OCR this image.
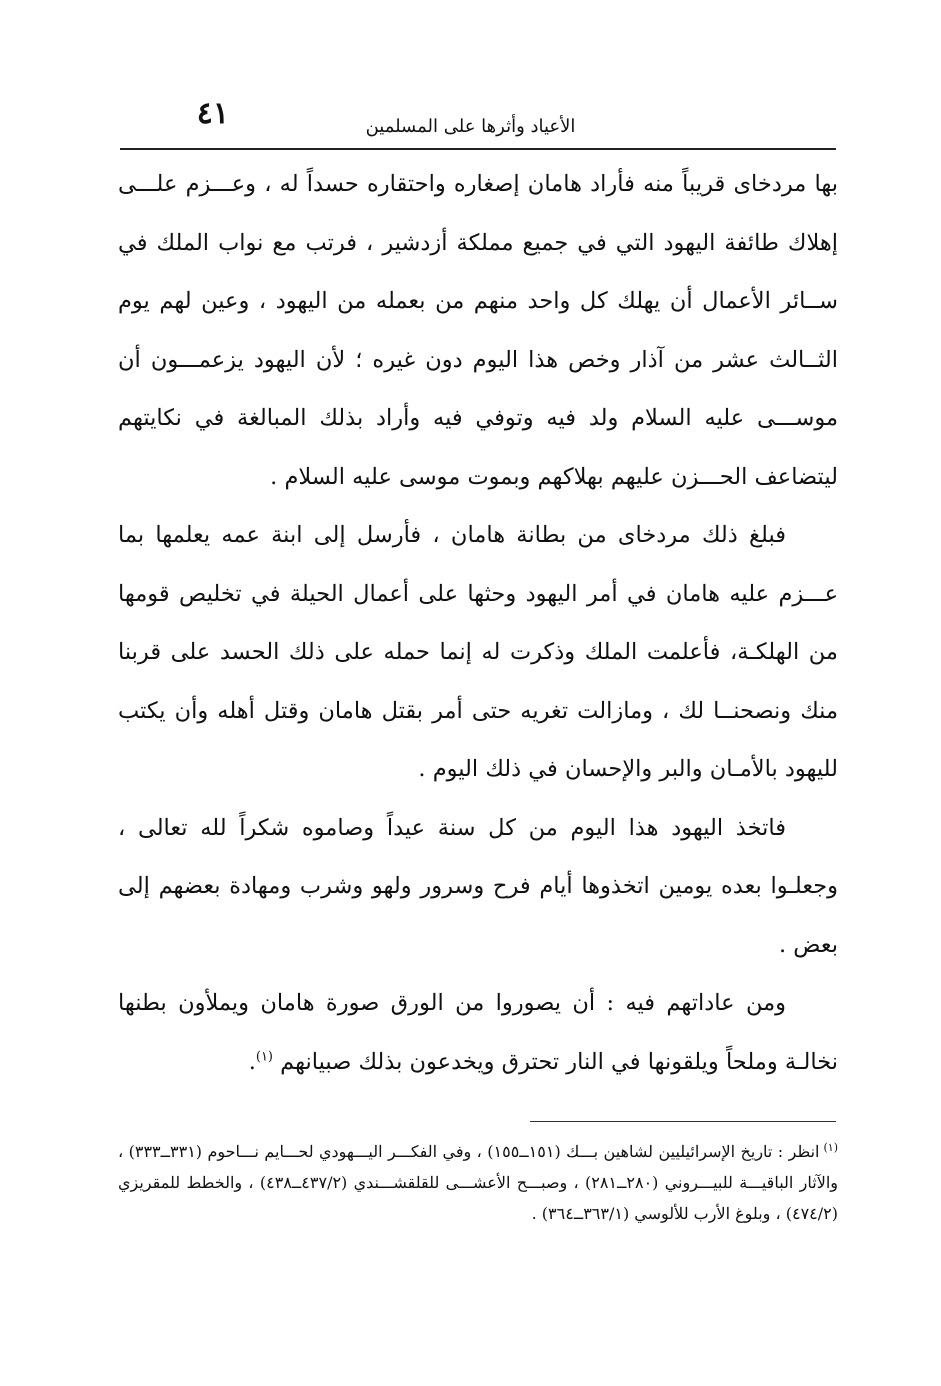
٤١	الأعياد وأثرها على المسلمين

بها مردخاى قريباً منه فأراد هامان إصغاره واحتقاره حسداً له ، وعـــزم علـــى إهلاك طائفة اليهود التي في جميع مملكة أزدشير ، فرتب مع نواب الملك في ســائر الأعمال أن يهلك كل واحد منهم من بعمله من اليهود ، وعين لهم يوم الثــالث عشر من آذار وخص هذا اليوم دون غيره ؛ لأن اليهود يزعمـــون أن موســـى عليه السلام ولد فيه وتوفي فيه وأراد بذلك المبالغة في نكايتهم ليتضاعف الحـــزن عليهم بهلاكهم وبموت موسى عليه السلام .

فبلغ ذلك مردخاى من بطانة هامان ، فأرسل إلى ابنة عمه يعلمها بما عـــزم عليه هامان في أمر اليهود وحثها على أعمال الحيلة في تخليص قومها من الهلكـة، فأعلمت الملك وذكرت له إنما حمله على ذلك الحسد على قربنا منك ونصحنــا لك ، ومازالت تغريه حتى أمر بقتل هامان وقتل أهله وأن يكتب لليهود بالأمـان والبر والإحسان في ذلك اليوم .

فاتخذ اليهود هذا اليوم من كل سنة عيداً وصاموه شكراً لله تعالى ، وجعلـوا بعده يومين اتخذوها أيام فرح وسرور ولهو وشرب ومهادة بعضهم إلى بعض .

ومن عاداتهم فيه : أن يصوروا من الورق صورة هامان ويملأون بطنها نخالـة وملحاً ويلقونها في النار تحترق ويخدعون بذلك صبيانهم $^{(١)}$.

$^{(١)}$انظر : تاريخ الإسرائيليين لشاهين بـــك (١٥١ــ١٥٥) ، وفي الفكـــر اليـــهودي لحـــايم نـــاحوم (٣٣١ــ٣٣٣) ، والآثار الباقيـــة للبيـــروني (٢٨٠ــ٢٨١) ، وصبـــح الأعشـــى للقلقشـــندي (٤٣٧/٢ــ٤٣٨) ، والخطط للمقريزي (٤٧٤/٢) ، وبلوغ الأرب للألوسي (٣٦٣/١ــ٣٦٤) .
